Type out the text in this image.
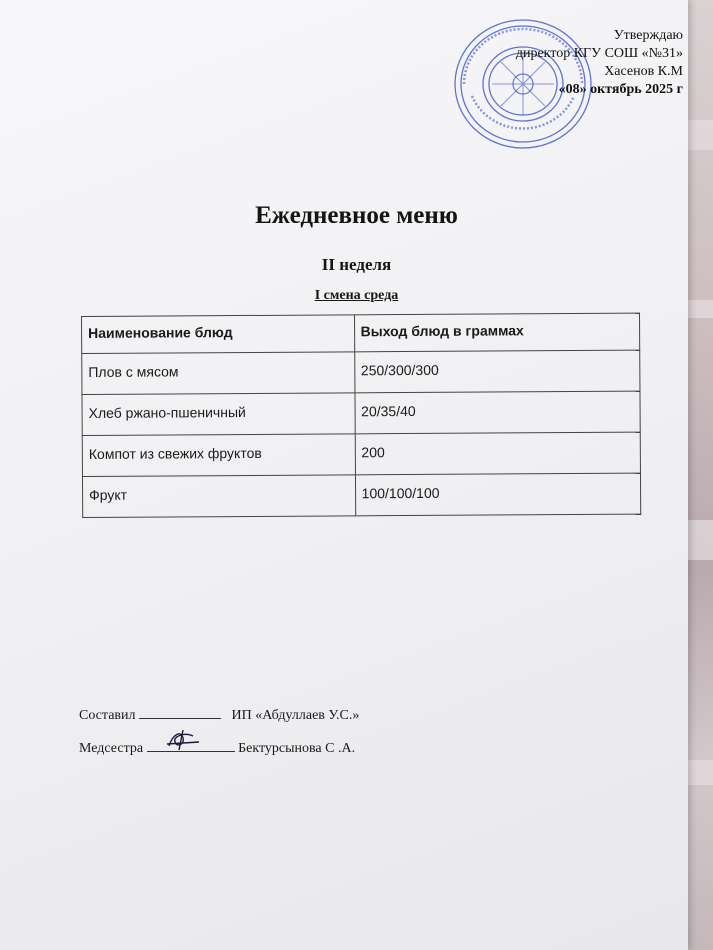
Утверждаю
директор КГУ СОШ «№31»
Хасенов К.М
«08» октябрь 2025 г
Ежедневное меню
II неделя
I смена среда
Наименование блюд	Выход блюд в граммах
Плов с мясом	250/300/300
Хлеб ржано-пшеничный	20/35/40
Компот из свежих фруктов	200
Фрукт	100/100/100
Составил	ИП «Абдуллаев У.С.»
Медсестра	Бектурсынова С .А.
